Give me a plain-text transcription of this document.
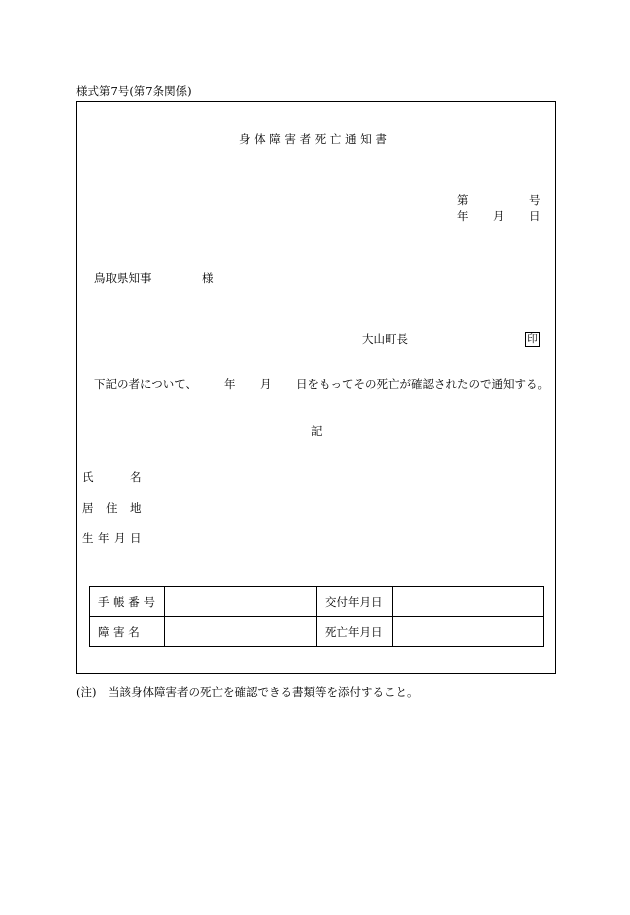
様式第7号(第7条関係)
身 体 障 害 者 死 亡 通 知 書
第	号
年 月 日
鳥取県知事	様
大山町長	印
下記の者について、 年 月 日をもってその死亡が確認されたので通知する。
記
氏	名
居 住 地
生 年 月 日
手 帳 番 号		交付年月日	
障 害 名		死亡年月日	
(注)　当該身体障害者の死亡を確認できる書類等を添付すること。
